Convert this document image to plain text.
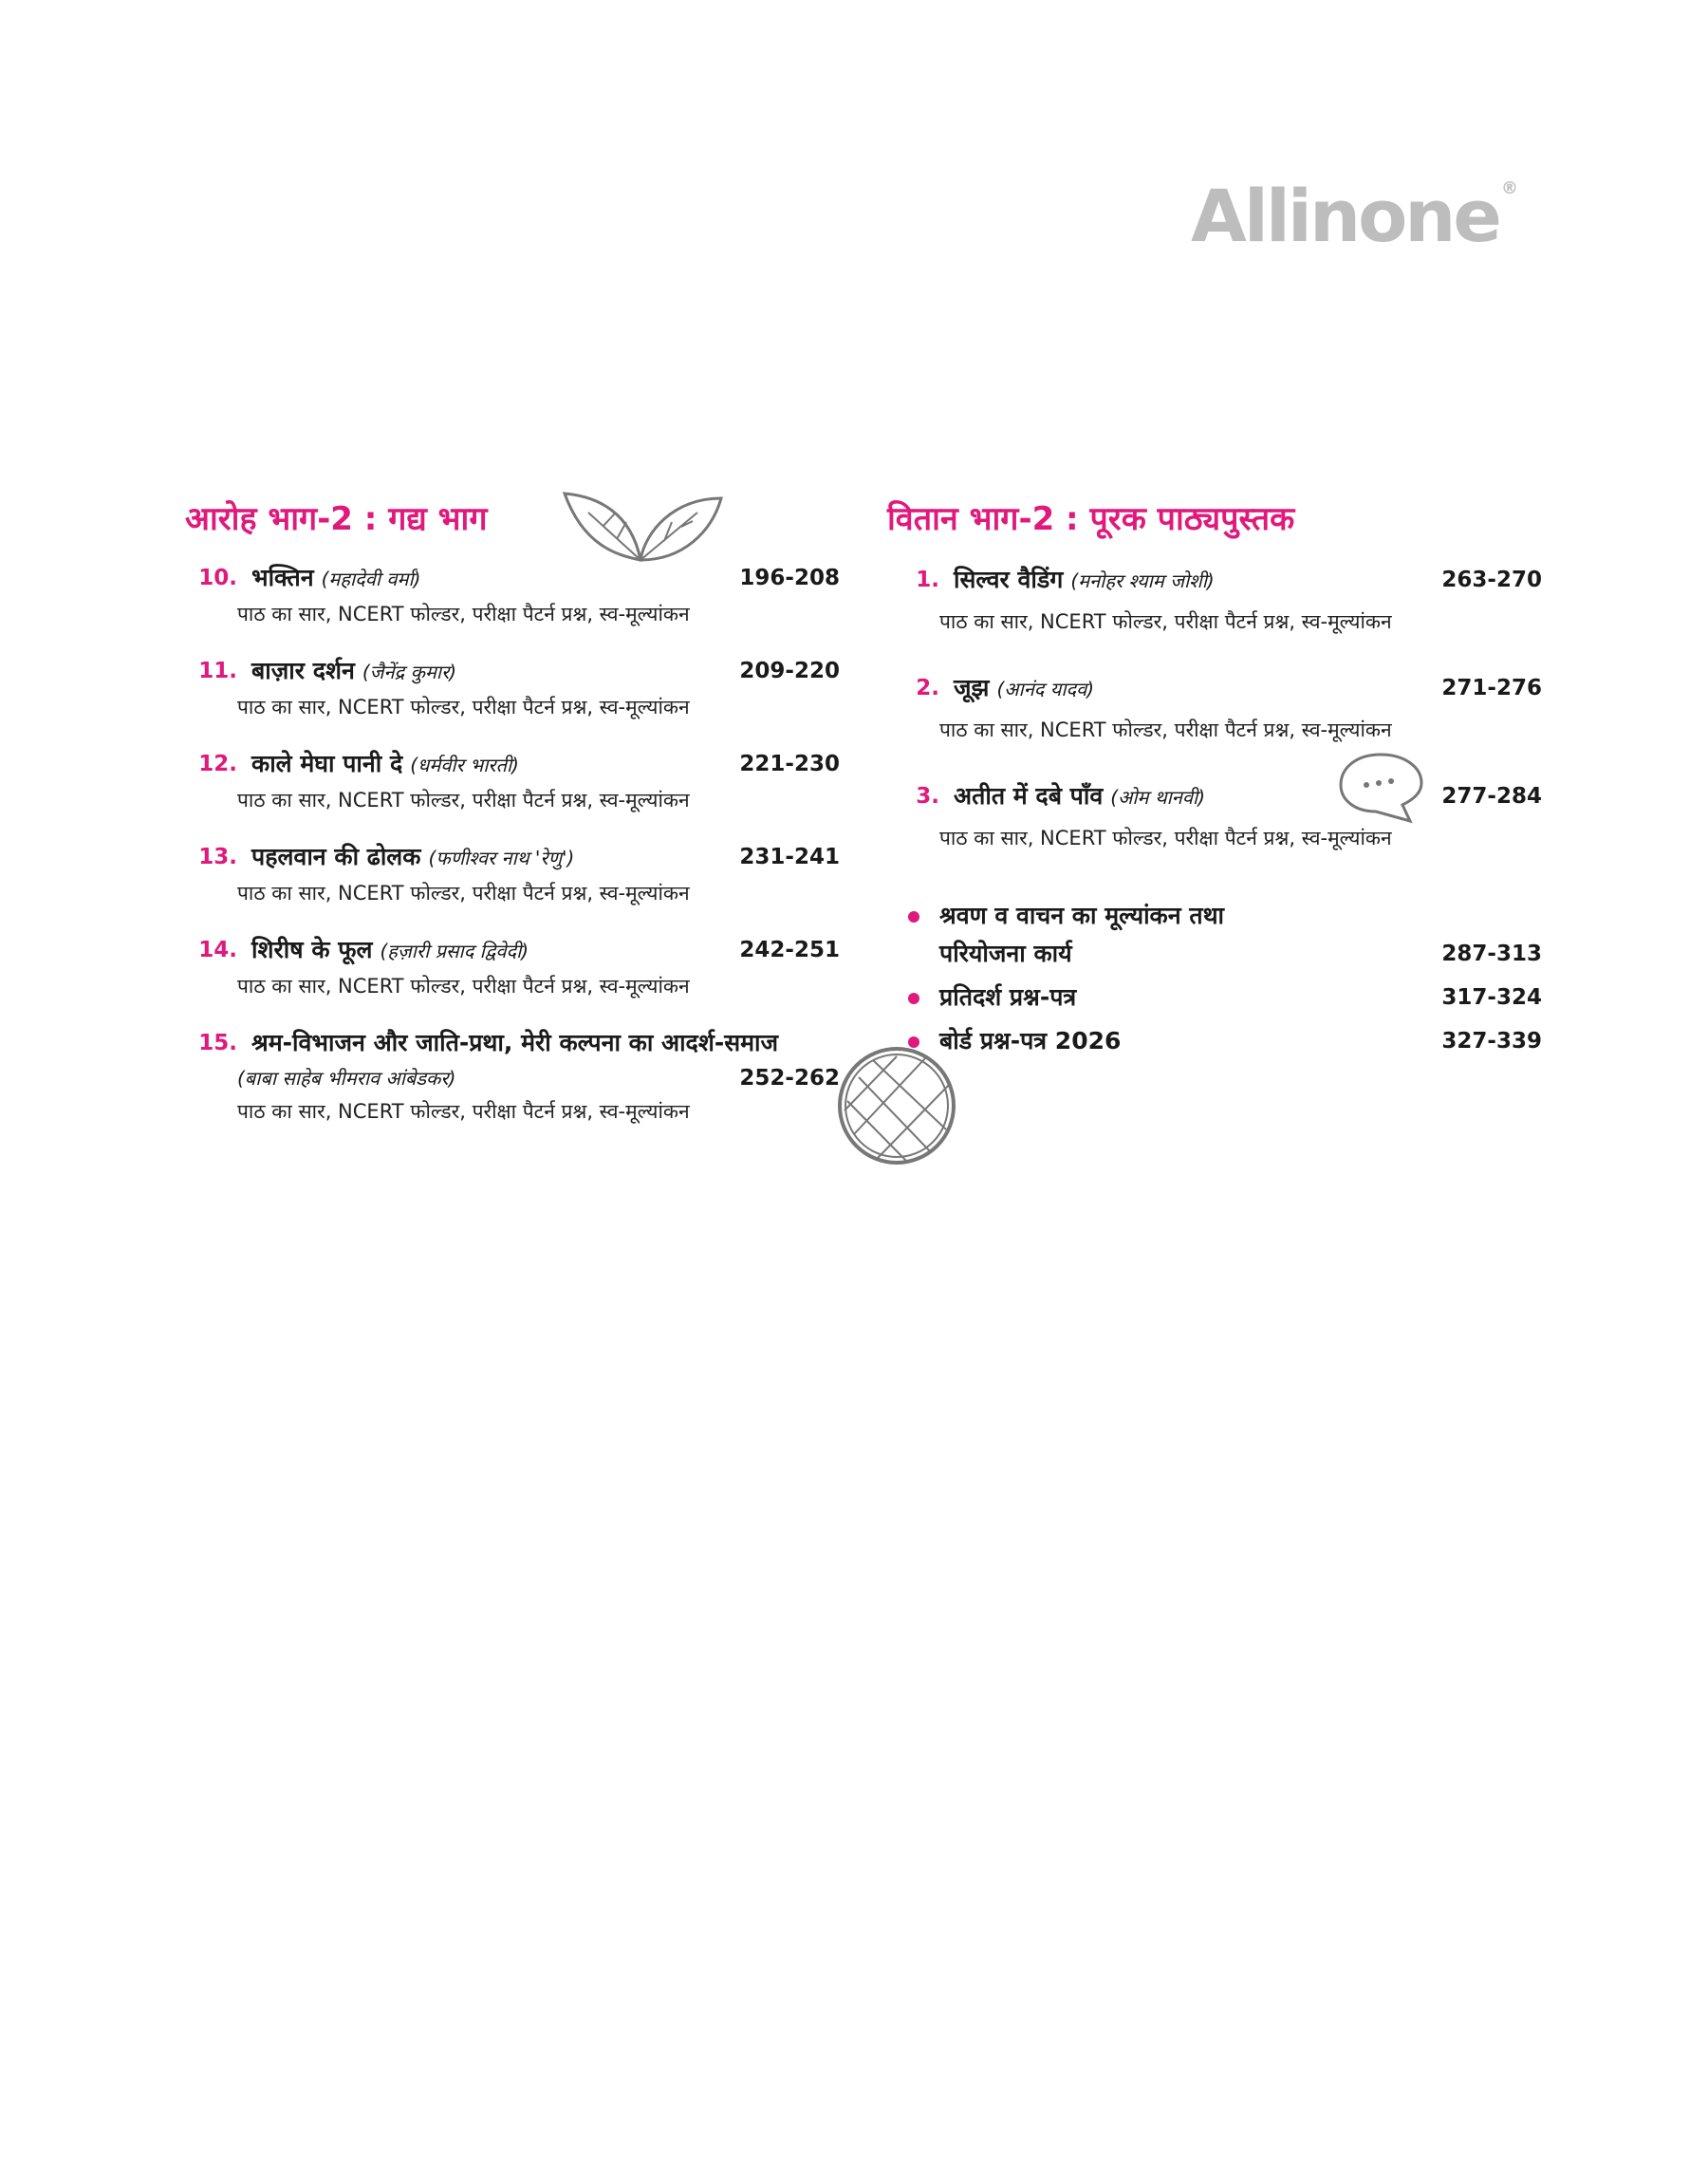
Allinone ®
आरोह भाग-2 : गद्य भाग
10. भक्तिन (महादेवी वर्मा)	196-208
पाठ का सार, NCERT फोल्डर, परीक्षा पैटर्न प्रश्न, स्व-मूल्यांकन
11. बाज़ार दर्शन (जैनेंद्र कुमार)	209-220
पाठ का सार, NCERT फोल्डर, परीक्षा पैटर्न प्रश्न, स्व-मूल्यांकन
12. काले मेघा पानी दे (धर्मवीर भारती)	221-230
पाठ का सार, NCERT फोल्डर, परीक्षा पैटर्न प्रश्न, स्व-मूल्यांकन
13. पहलवान की ढोलक (फणीश्वर नाथ 'रेणु')	231-241
पाठ का सार, NCERT फोल्डर, परीक्षा पैटर्न प्रश्न, स्व-मूल्यांकन
14. शिरीष के फूल (हज़ारी प्रसाद द्विवेदी)	242-251
पाठ का सार, NCERT फोल्डर, परीक्षा पैटर्न प्रश्न, स्व-मूल्यांकन
15. श्रम-विभाजन और जाति-प्रथा, मेरी कल्पना का आदर्श-समाज
(बाबा साहेब भीमराव आंबेडकर)	252-262
पाठ का सार, NCERT फोल्डर, परीक्षा पैटर्न प्रश्न, स्व-मूल्यांकन
वितान भाग-2 : पूरक पाठ्यपुस्तक
1. सिल्वर वैडिंग (मनोहर श्याम जोशी)	263-270
पाठ का सार, NCERT फोल्डर, परीक्षा पैटर्न प्रश्न, स्व-मूल्यांकन
2. जूझ (आनंद यादव)	271-276
पाठ का सार, NCERT फोल्डर, परीक्षा पैटर्न प्रश्न, स्व-मूल्यांकन
3. अतीत में दबे पाँव (ओम थानवी)	277-284
पाठ का सार, NCERT फोल्डर, परीक्षा पैटर्न प्रश्न, स्व-मूल्यांकन
श्रवण व वाचन का मूल्यांकन तथा
परियोजना कार्य	287-313
प्रतिदर्श प्रश्न-पत्र	317-324
बोर्ड प्रश्न-पत्र 2026	327-339
